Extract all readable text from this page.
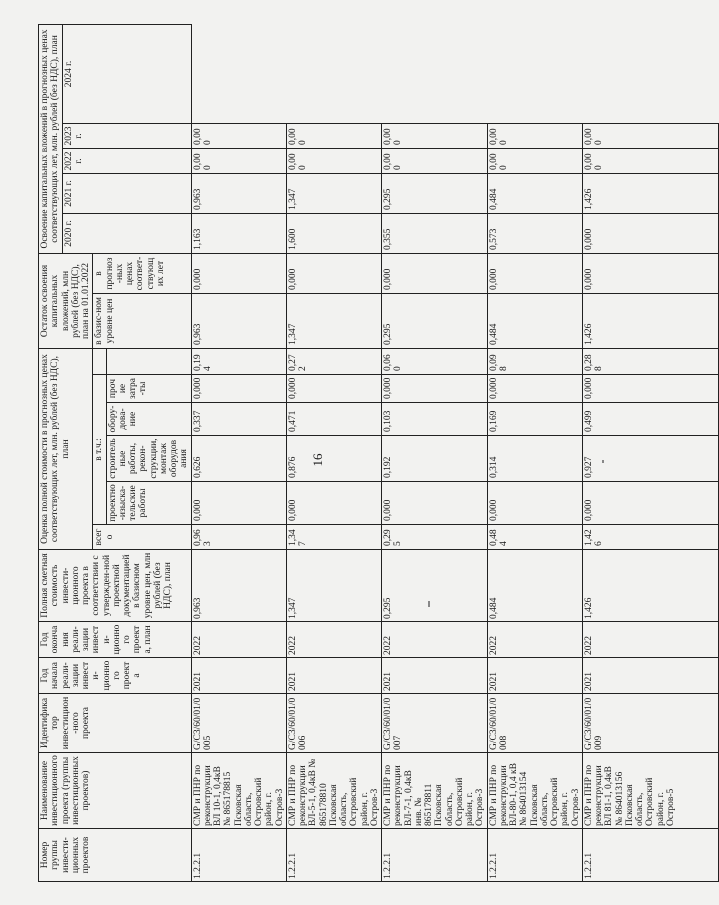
16
Номер группы инвести-ционных проектов	Наименование инвестиционного проекта (группы инвестиционных проектов)	Идентификатор инвестицион-ного проекта	Год начала реали-зации инвести-ционного проекта	Год окончания реали-зации инвести-ционного проекта, план	Полная сметная стоимость инвести-ционного проекта в соответствии с утвержден-ной проектной документацией в базисном уровне цен, млн рублей (без НДС), план	Оценка полной стоимости в прогнозных ценах соответствующих лет, млн. рублей (без НДС), план						Остаток освоения капитальных вложений, млн рублей (без НДС), план на 01.01.2022		Освоение капитальных вложений в прогнозных ценах соответствующих лет, млн. рублей (без НДС), план				
														2020 г.	2021 г.	2022 г.	2023 г.	2024 г.
						всего	в т.ч.:					в базис-ном уровне цен	в прогноз-ных ценах соответ-ствующих лет					
							проектно-изыска-тельские работы	строительные работы, рекон-струкции, монтаж оборудования	обору-дова-ние	прочие затра-ты								
1.2.2.1	СМР и ПНР по реконструкции ВЛ 10-1, 0,4кВ № 865178815 Псковская область, Островский район, г. Остров-3	G/C3/60/01/0005	2021	2022	0,963	0,963	0,000	0,626	0,337	0,000	0,194	0,963	0,000	1,163	0,963	0,000	0,000	
1.2.2.1	СМР и ПНР по реконструкции ВЛ-5-1, 0,4кВ № 865178810 Псковская область, Островский район, г. Остров-3	G/C3/60/01/0006	2021	2022	1,347	1,347	0,000	0,876	0,471	0,000	0,272	1,347	0,000	1,600	1,347	0,000	0,000	
1.2.2.1	СМР и ПНР по реконструкции ВЛ-7-1, 0,4кВ инв. № 865178811 Псковская область, Островский район, г. Остров-3	G/C3/60/01/0007	2021	2022	0,295	0,295	0,000	0,192	0,103	0,000	0,060	0,295	0,000	0,355	0,295	0,000	0,000	
1.2.2.1	СМР и ПНР по реконструкции ВЛ-80-1, 0,4 кВ № 864013154 Псковская область, Островский район, г. Остров-3	G/C3/60/01/0008	2021	2022	0,484	0,484	0,000	0,314	0,169	0,000	0,098	0,484	0,000	0,573	0,484	0,000	0,000	
1.2.2.1	СМР и ПНР по реконструкции ВЛ 81-1, 0,4кВ № 864013156 Псковская область, Островский район, г. Остров-5	G/C3/60/01/0009	2021	2022	1,426	1,426	0,000	0,927	0,499	0,000	0,288	1,426	0,000	0,000	1,426	0,000	0,000	
